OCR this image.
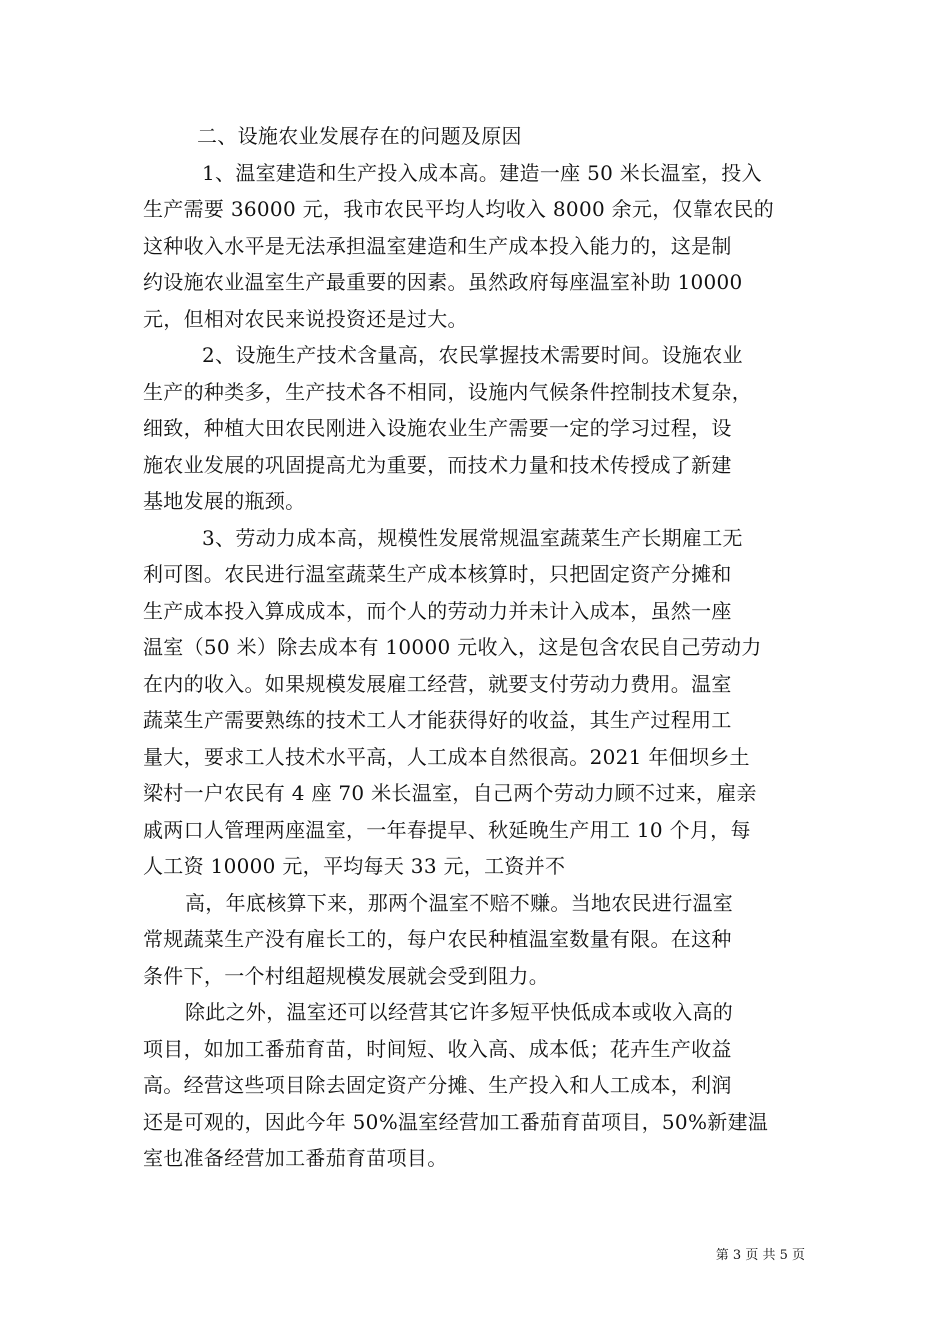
二、设施农业发展存在的问题及原因

1、温室建造和生产投入成本高。建造一座 50 米长温室，投入

生产需要 36000 元，我市农民平均人均收入 8000 余元，仅靠农民的

这种收入水平是无法承担温室建造和生产成本投入能力的，这是制

约设施农业温室生产最重要的因素。虽然政府每座温室补助 10000

元，但相对农民来说投资还是过大。

2、设施生产技术含量高，农民掌握技术需要时间。设施农业

生产的种类多，生产技术各不相同，设施内气候条件控制技术复杂，

细致，种植大田农民刚进入设施农业生产需要一定的学习过程，设

施农业发展的巩固提高尤为重要，而技术力量和技术传授成了新建

基地发展的瓶颈。

3、劳动力成本高，规模性发展常规温室蔬菜生产长期雇工无

利可图。农民进行温室蔬菜生产成本核算时，只把固定资产分摊和

生产成本投入算成成本，而个人的劳动力并未计入成本，虽然一座

温室（50 米）除去成本有 10000 元收入，这是包含农民自己劳动力

在内的收入。如果规模发展雇工经营，就要支付劳动力费用。温室

蔬菜生产需要熟练的技术工人才能获得好的收益，其生产过程用工

量大，要求工人技术水平高，人工成本自然很高。2021 年佃坝乡土

梁村一户农民有 4 座 70 米长温室，自己两个劳动力顾不过来，雇亲

戚两口人管理两座温室，一年春提早、秋延晚生产用工 10 个月，每

人工资 10000 元，平均每天 33 元，工资并不

高，年底核算下来，那两个温室不赔不赚。当地农民进行温室

常规蔬菜生产没有雇长工的，每户农民种植温室数量有限。在这种

条件下，一个村组超规模发展就会受到阻力。

除此之外，温室还可以经营其它许多短平快低成本或收入高的

项目，如加工番茄育苗，时间短、收入高、成本低；花卉生产收益

高。经营这些项目除去固定资产分摊、生产投入和人工成本，利润

还是可观的，因此今年 50%温室经营加工番茄育苗项目，50%新建温

室也准备经营加工番茄育苗项目。

第 3 页 共 5 页
